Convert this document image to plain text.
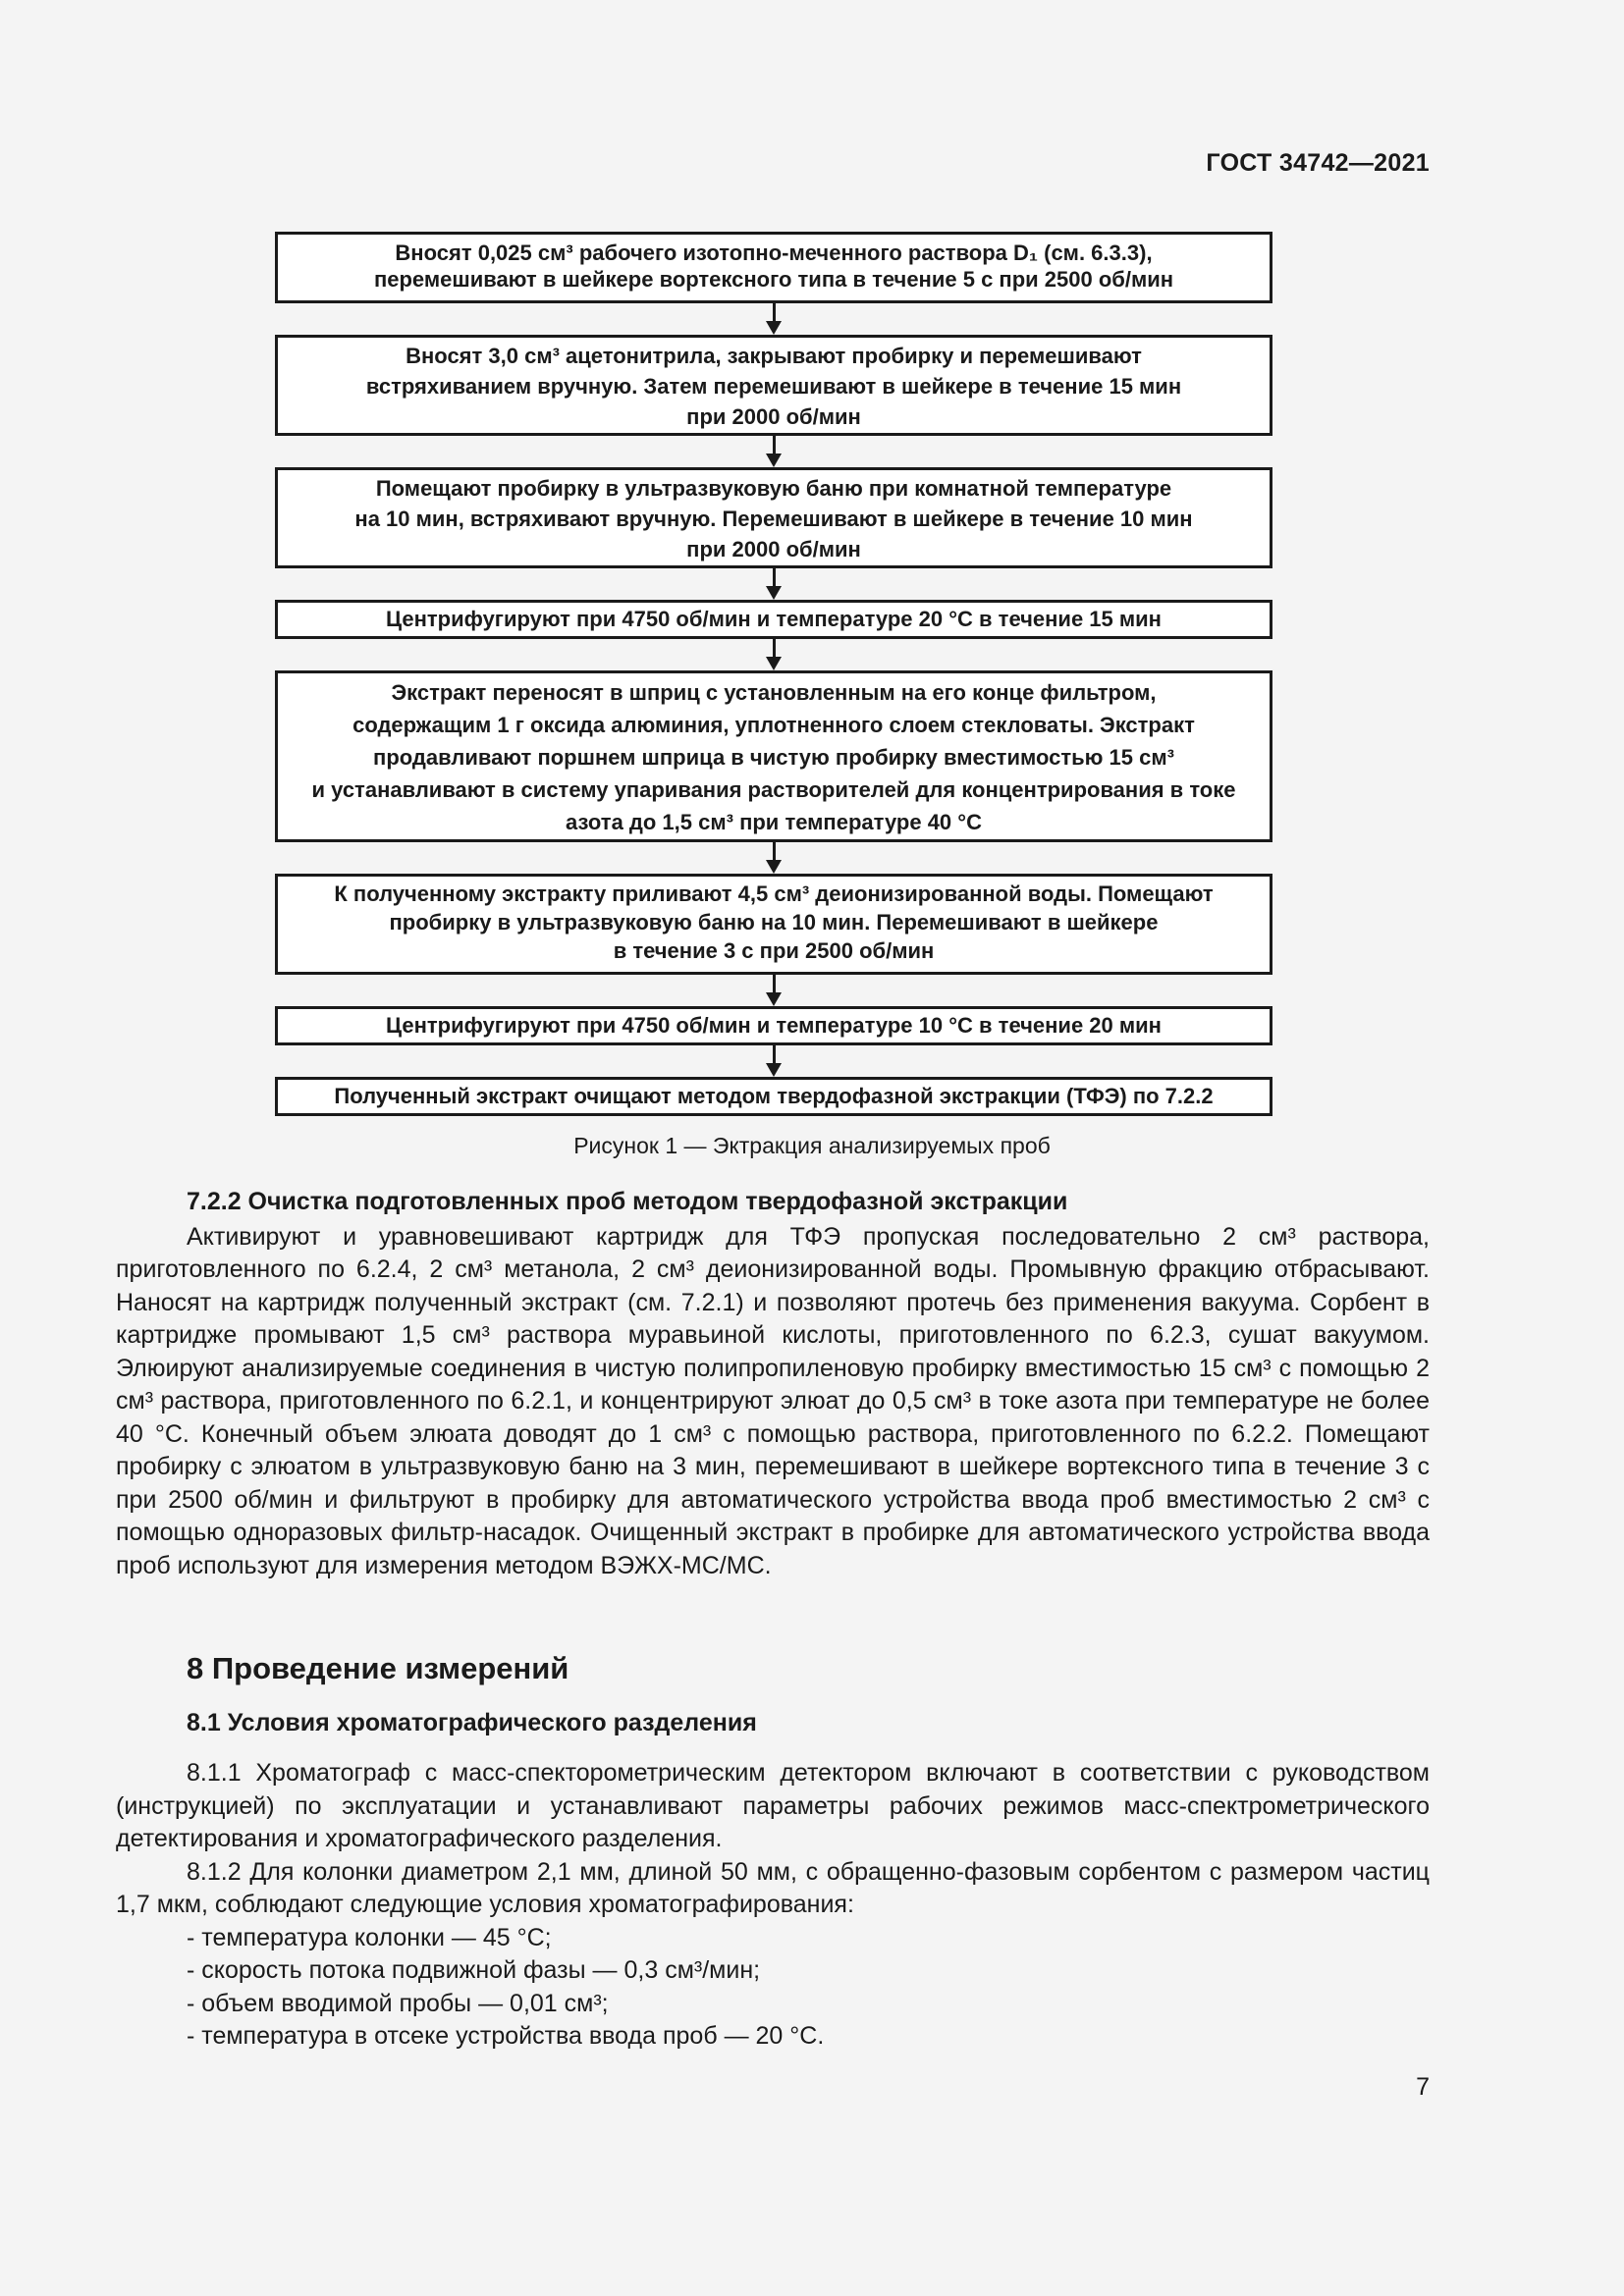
ГОСТ 34742—2021

Вносят 0,025 см³ рабочего изотопно-меченного раствора D₁ (см. 6.3.3),

перемешивают в шейкере вортексного типа в течение 5 с при 2500 об/мин

Вносят 3,0 см³ ацетонитрила, закрывают пробирку и перемешивают

встряхиванием вручную. Затем перемешивают в шейкере в течение 15 мин

при 2000 об/мин

Помещают пробирку в ультразвуковую баню при комнатной температуре

на 10 мин, встряхивают вручную. Перемешивают в шейкере в течение 10 мин

при 2000 об/мин

Центрифугируют при 4750 об/мин и температуре 20 °С в течение 15 мин

Экстракт переносят в шприц с установленным на его конце фильтром,

содержащим 1 г оксида алюминия, уплотненного слоем стекловаты. Экстракт

продавливают поршнем шприца в чистую пробирку вместимостью 15 см³

и устанавливают в систему упаривания растворителей для концентрирования в токе

азота до 1,5 см³ при температуре 40 °С

К полученному экстракту приливают 4,5 см³ деионизированной воды. Помещают

пробирку в ультразвуковую баню на 10 мин. Перемешивают в шейкере

в течение 3 с при 2500 об/мин

Центрифугируют при 4750 об/мин и температуре 10 °С в течение 20 мин

Полученный экстракт очищают методом твердофазной экстракции (ТФЭ) по 7.2.2

Рисунок 1 — Эктракция анализируемых проб

7.2.2 Очистка подготовленных проб методом твердофазной экстракции

Активируют и уравновешивают картридж для ТФЭ пропуская последовательно 2 см³ раствора, приготовленного по 6.2.4, 2 см³ метанола, 2 см³ деионизированной воды. Промывную фракцию отбрасывают. Наносят на картридж полученный экстракт (см. 7.2.1) и позволяют протечь без применения вакуума. Сорбент в картридже промывают 1,5 см³ раствора муравьиной кислоты, приготовленного по 6.2.3, сушат вакуумом. Элюируют анализируемые соединения в чистую полипропиленовую пробирку вместимостью 15 см³ с помощью 2 см³ раствора, приготовленного по 6.2.1, и концентрируют элюат до 0,5 см³ в токе азота при температуре не более 40 °С. Конечный объем элюата доводят до 1 см³ с помощью раствора, приготовленного по 6.2.2. Помещают пробирку с элюатом в ультразвуковую баню на 3 мин, перемешивают в шейкере вортексного типа в течение 3 с при 2500 об/мин и фильтруют в пробирку для автоматического устройства ввода проб вместимостью 2 см³ с помощью одноразовых фильтр-насадок. Очищенный экстракт в пробирке для автоматического устройства ввода проб используют для измерения методом ВЭЖХ-МС/МС.

8 Проведение измерений

8.1 Условия хроматографического разделения

8.1.1 Хроматограф с масс-спекторометрическим детектором включают в соответствии с руководством (инструкцией) по эксплуатации и устанавливают параметры рабочих режимов масс-спектрометрического детектирования и хроматографического разделения.

8.1.2 Для колонки диаметром 2,1 мм, длиной 50 мм, с обращенно-фазовым сорбентом с размером частиц 1,7 мкм, соблюдают следующие условия хроматографирования:

- температура колонки — 45 °С;

- скорость потока подвижной фазы — 0,3 см³/мин;

- объем вводимой пробы — 0,01 см³;

- температура в отсеке устройства ввода проб — 20 °С.

7
